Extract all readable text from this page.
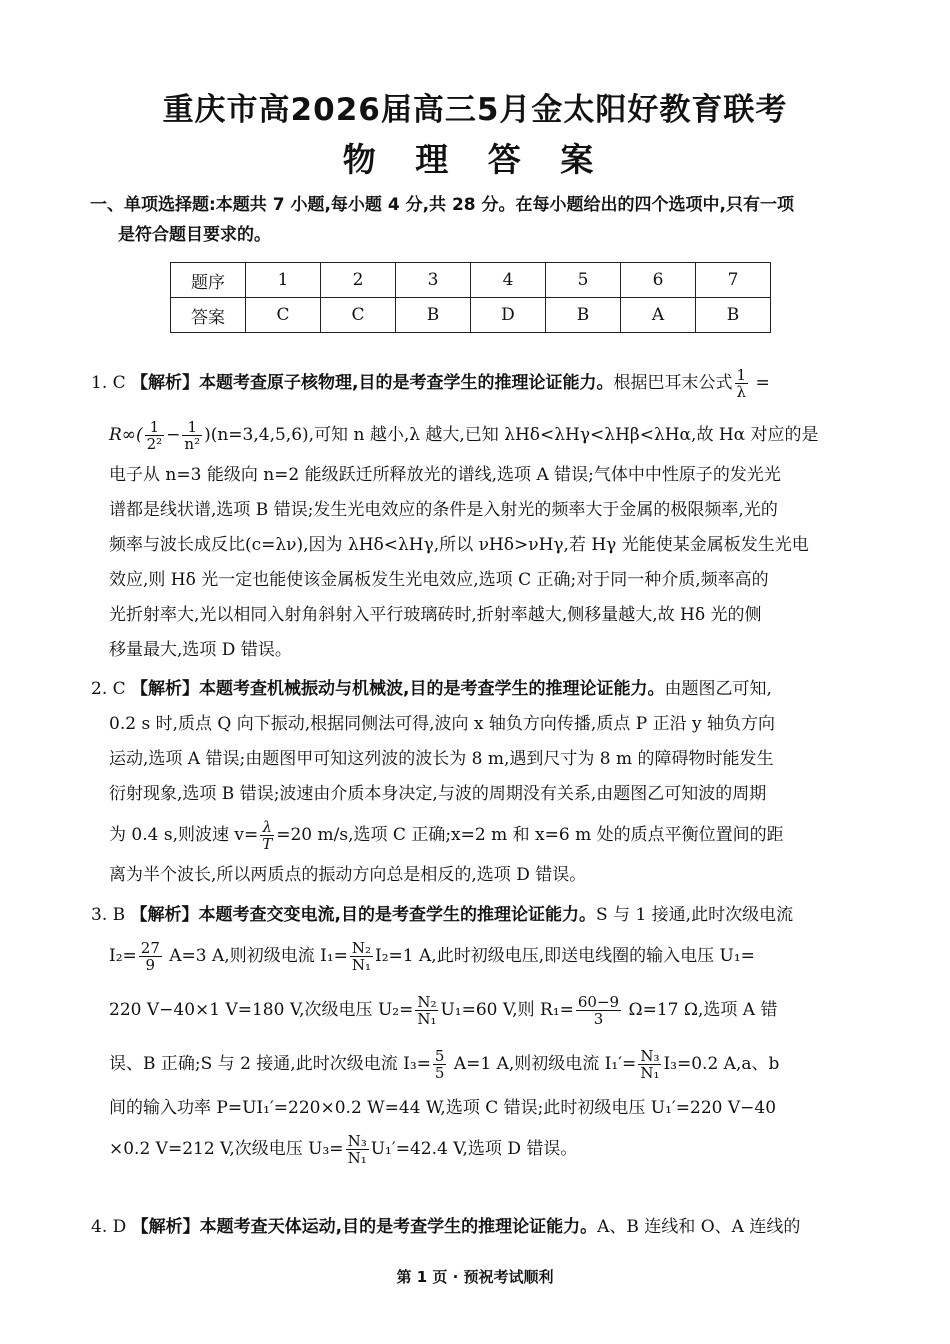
重庆市高2026届高三5月金太阳好教育联考
物 理 答 案
一、单项选择题:本题共 7 小题,每小题 4 分,共 28 分。在每小题给出的四个选项中,只有一项
是符合题目要求的。
题序	1	2	3	4	5	6	7
答案	C	C	B	D	B	A	B
1. C 【解析】本题考查原子核物理,目的是考查学生的推理论证能力。根据巴耳末公式 $\frac{1}{\lambda}$ =
$R\infty( \frac{1}{\text{2²}} - \frac{1}{\text{n²}} )(n=3,4,5,6)$,可知 n 越小,λ 越大,已知 λHδ<λHγ<λHβ<λHα,故 Hα 对应的是
电子从 n=3 能级向 n=2 能级跃迁所释放光的谱线,选项 A 错误;气体中中性原子的发光光
谱都是线状谱,选项 B 错误;发生光电效应的条件是入射光的频率大于金属的极限频率,光的
频率与波长成反比(c=λν),因为 λHδ<λHγ,所以 νHδ>νHγ,若 Hγ 光能使某金属板发生光电
效应,则 Hδ 光一定也能使该金属板发生光电效应,选项 C 正确;对于同一种介质,频率高的
光折射率大,光以相同入射角斜射入平行玻璃砖时,折射率越大,侧移量越大,故 Hδ 光的侧
移量最大,选项 D 错误。
2. C 【解析】本题考查机械振动与机械波,目的是考查学生的推理论证能力。由题图乙可知,
0.2 s 时,质点 Q 向下振动,根据同侧法可得,波向 x 轴负方向传播,质点 P 正沿 y 轴负方向
运动,选项 A 错误;由题图甲可知这列波的波长为 8 m,遇到尺寸为 8 m 的障碍物时能发生
衍射现象,选项 B 错误;波速由介质本身决定,与波的周期没有关系,由题图乙可知波的周期
为 0.4 s,则波速 $v= \frac{\lambda}{T} =20$ m/s,选项 C 正确;x=2 m 和 x=6 m 处的质点平衡位置间的距
离为半个波长,所以两质点的振动方向总是相反的,选项 D 错误。
3. B 【解析】本题考查交变电流,目的是考查学生的推理论证能力。S 与 1 接通,此时次级电流
$I_2= \frac{27}{9} A=3$ A,则初级电流 $I_1= \frac{\text{N₂}}{\text{N₁}} I_2=1$ A,此时初级电压,即送电线圈的输入电压 U₁=
220 V−40×1 V=180 V,次级电压 $U_2= \frac{\text{N₂}}{\text{N₁}} U_1=60$ V,则 $R_1= \frac{60-9}{3} \Omega=17$ Ω,选项 A 错
误、B 正确;S 与 2 接通,此时次级电流 $I_3= \frac{5}{5} A=1$ A,则初级电流 $I_1'= \frac{\text{N₃}}{\text{N₁}} I_3=0.2$ A,a、b
间的输入功率 P=UI₁′=220×0.2 W=44 W,选项 C 错误;此时初级电压 U₁′=220 V−40
×0.2 V=212 V,次级电压 $U_3= \frac{\text{N₃}}{\text{N₁}} U_1'=42.4$ V,选项 D 错误。
4. D 【解析】本题考查天体运动,目的是考查学生的推理论证能力。A、B 连线和 O、A 连线的
第 1 页 · 预祝考试顺利
